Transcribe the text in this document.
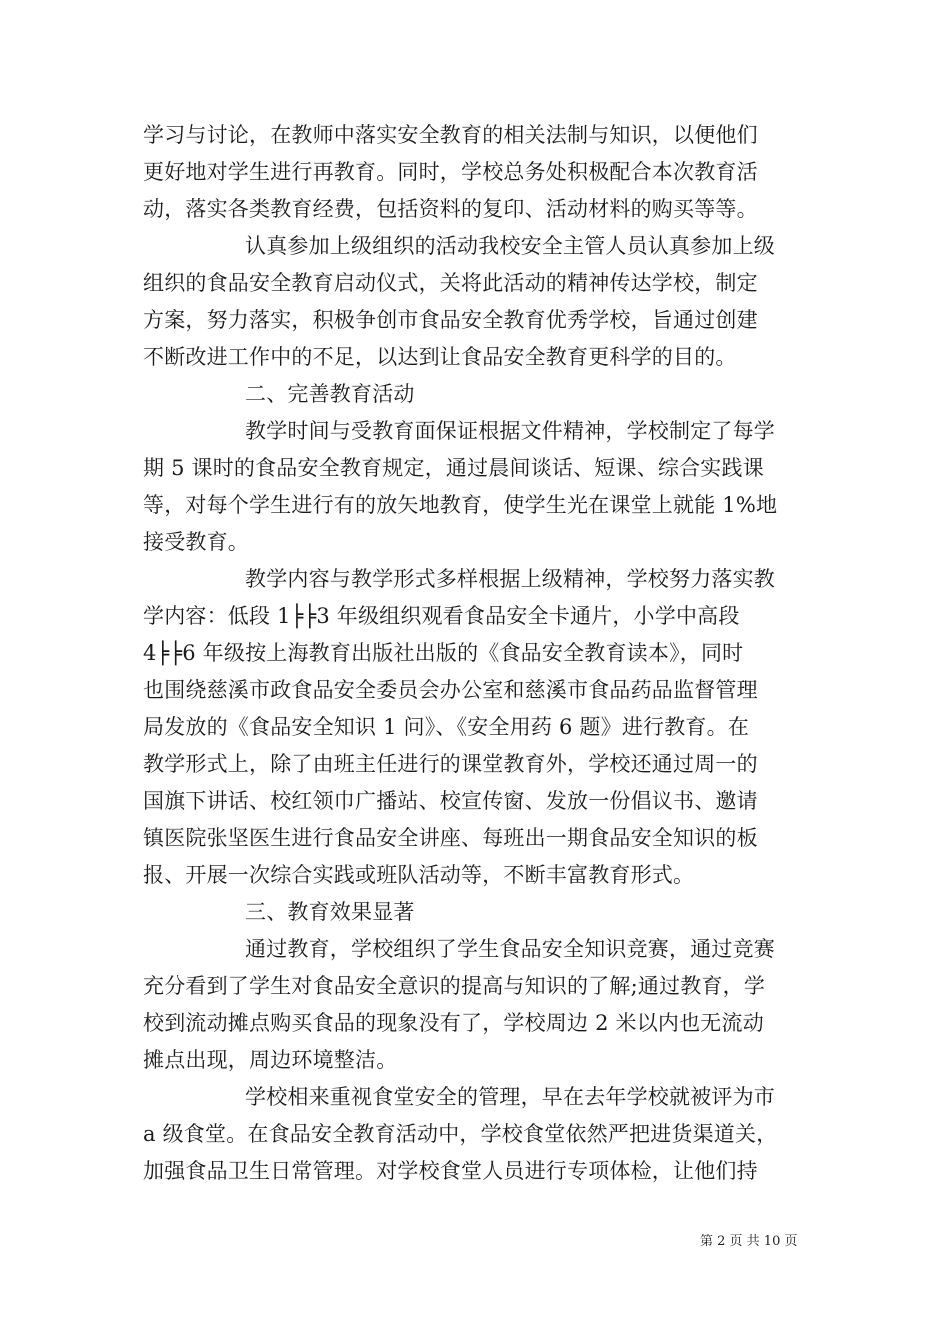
学习与讨论，在教师中落实安全教育的相关法制与知识，以便他们
更好地对学生进行再教育。同时，学校总务处积极配合本次教育活
动，落实各类教育经费，包括资料的复印、活动材料的购买等等。
认真参加上级组织的活动我校安全主管人员认真参加上级
组织的食品安全教育启动仪式，关将此活动的精神传达学校，制定
方案，努力落实，积极争创市食品安全教育优秀学校，旨通过创建
不断改进工作中的不足，以达到让食品安全教育更科学的目的。
二、完善教育活动
教学时间与受教育面保证根据文件精神，学校制定了每学
期 5 课时的食品安全教育规定，通过晨间谈话、短课、综合实践课
等，对每个学生进行有的放矢地教育，使学生光在课堂上就能 1%地
接受教育。
教学内容与教学形式多样根据上级精神，学校努力落实教
学内容：低段 1╞╞3 年级组织观看食品安全卡通片，小学中高段
4╞╞6 年级按上海教育出版社出版的《食品安全教育读本》，同时
也围绕慈溪市政食品安全委员会办公室和慈溪市食品药品监督管理
局发放的《食品安全知识 1 问》、《安全用药 6 题》进行教育。在
教学形式上，除了由班主任进行的课堂教育外，学校还通过周一的
国旗下讲话、校红领巾广播站、校宣传窗、发放一份倡议书、邀请
镇医院张坚医生进行食品安全讲座、每班出一期食品安全知识的板
报、开展一次综合实践或班队活动等，不断丰富教育形式。
三、教育效果显著
通过教育，学校组织了学生食品安全知识竞赛，通过竞赛
充分看到了学生对食品安全意识的提高与知识的了解;通过教育，学
校到流动摊点购买食品的现象没有了，学校周边 2 米以内也无流动
摊点出现，周边环境整洁。
学校相来重视食堂安全的管理，早在去年学校就被评为市
a 级食堂。在食品安全教育活动中，学校食堂依然严把进货渠道关，
加强食品卫生日常管理。对学校食堂人员进行专项体检，让他们持
第 2 页 共 10 页
